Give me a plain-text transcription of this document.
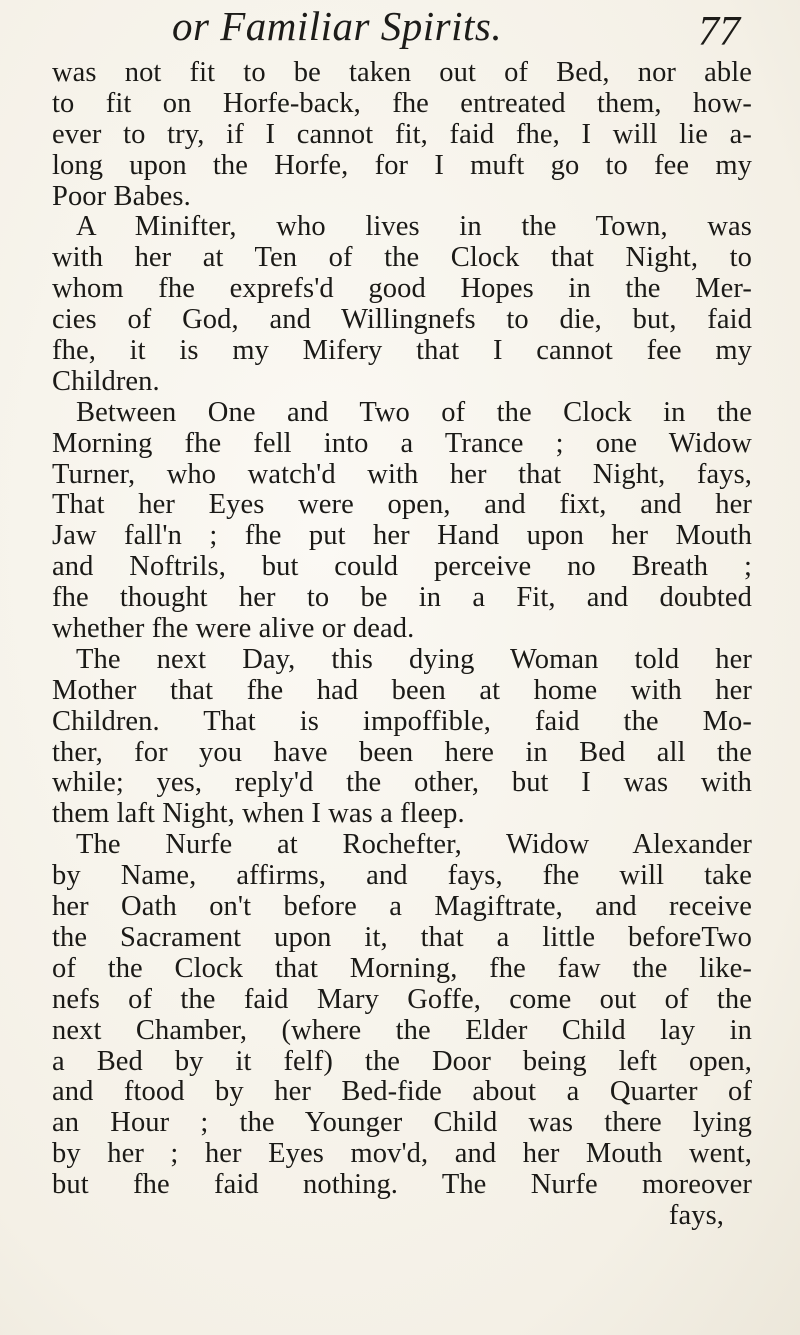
or Familiar Spirits.	77
was not fit to be taken out of Bed, nor able
to fit on Horfe-back, fhe entreated them, how-
ever to try, if I cannot fit, faid fhe, I will lie a-
long upon the Horfe, for I muft go to fee my
Poor Babes.
A Minifter, who lives in the Town, was
with her at Ten of the Clock that Night, to
whom fhe exprefs'd good Hopes in the Mer-
cies of God, and Willingnefs to die, but, faid
fhe, it is my Mifery that I cannot fee my
Children.
Between One and Two of the Clock in the
Morning fhe fell into a Trance ; one Widow
Turner, who watch'd with her that Night, fays,
That her Eyes were open, and fixt, and her
Jaw fall'n ; fhe put her Hand upon her Mouth
and Noftrils, but could perceive no Breath ;
fhe thought her to be in a Fit, and doubted
whether fhe were alive or dead.
The next Day, this dying Woman told her
Mother that fhe had been at home with her
Children. That is impoffible, faid the Mo-
ther, for you have been here in Bed all the
while; yes, reply'd the other, but I was with
them laft Night, when I was a fleep.
The Nurfe at Rochefter, Widow Alexander
by Name, affirms, and fays, fhe will take
her Oath on't before a Magiftrate, and receive
the Sacrament upon it, that a little beforeTwo
of the Clock that Morning, fhe faw the like-
nefs of the faid Mary Goffe, come out of the
next Chamber, (where the Elder Child lay in
a Bed by it felf) the Door being left open,
and ftood by her Bed-fide about a Quarter of
an Hour ; the Younger Child was there lying
by her ; her Eyes mov'd, and her Mouth went,
but fhe faid nothing. The Nurfe moreover
fays,
